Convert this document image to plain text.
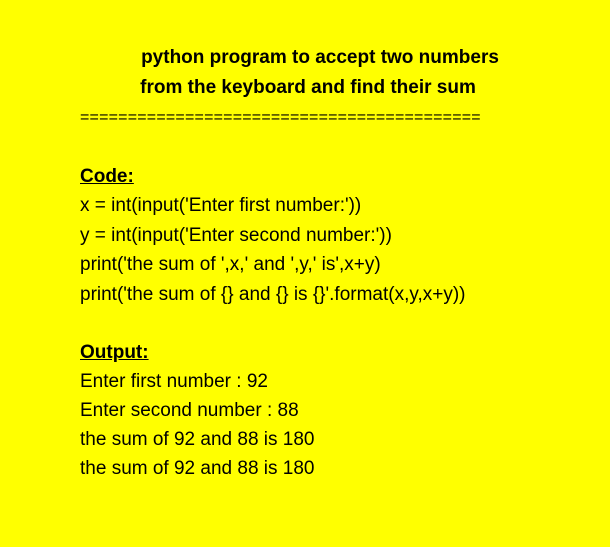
python program to accept two numbers
from the keyboard and find their sum
==========================================
Code:
x = int(input('Enter first number:'))
y = int(input('Enter second number:'))
print('the sum of ',x,' and ',y,' is',x+y)
print('the sum of {} and {} is {}'.format(x,y,x+y))
Output:
Enter first number : 92
Enter second number : 88
the sum of 92 and 88 is 180
the sum of 92 and 88 is 180
